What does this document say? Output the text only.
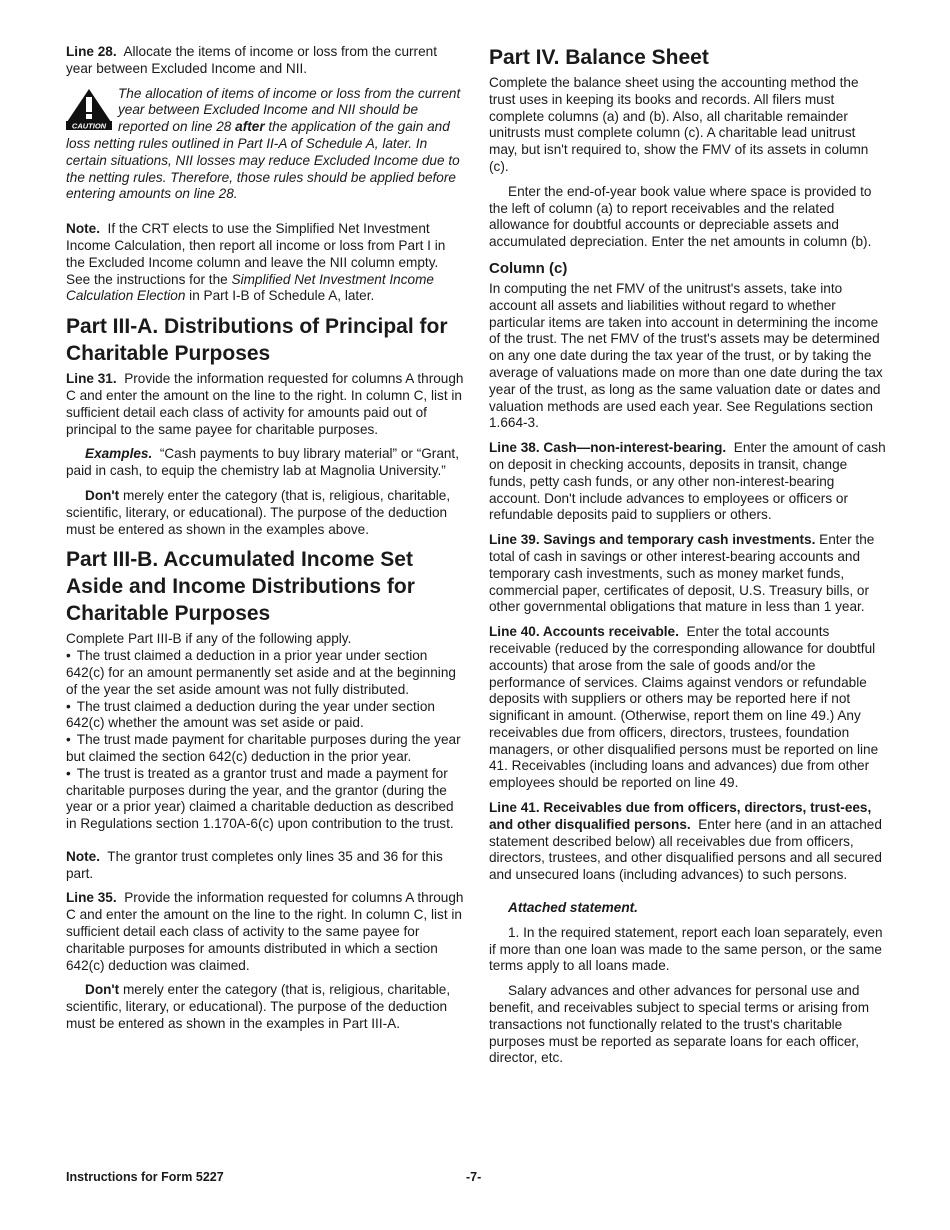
Line 28. Allocate the items of income or loss from the current year between Excluded Income and NII.

CAUTION
The allocation of items of income or loss from the current year between Excluded Income and NII should be reported on line 28 after the application of the gain and loss netting rules outlined in Part II-A of Schedule A, later. In certain situations, NII losses may reduce Excluded Income due to the netting rules. Therefore, those rules should be applied before entering amounts on line 28.

Note. If the CRT elects to use the Simplified Net Investment Income Calculation, then report all income or loss from Part I in the Excluded Income column and leave the NII column empty. See the instructions for the Simplified Net Investment Income Calculation Election in Part I-B of Schedule A, later.

Part III-A. Distributions of Principal for Charitable Purposes

Line 31. Provide the information requested for columns A through C and enter the amount on the line to the right. In column C, list in sufficient detail each class of activity for amounts paid out of principal to the same payee for charitable purposes.

Examples. “Cash payments to buy library material” or “Grant, paid in cash, to equip the chemistry lab at Magnolia University.”

Don't merely enter the category (that is, religious, charitable, scientific, literary, or educational). The purpose of the deduction must be entered as shown in the examples above.

Part III-B. Accumulated Income Set Aside and Income Distributions for Charitable Purposes

Complete Part III-B if any of the following apply.

• The trust claimed a deduction in a prior year under section 642(c) for an amount permanently set aside and at the beginning of the year the set aside amount was not fully distributed.

• The trust claimed a deduction during the year under section 642(c) whether the amount was set aside or paid.

• The trust made payment for charitable purposes during the year but claimed the section 642(c) deduction in the prior year.

• The trust is treated as a grantor trust and made a payment for charitable purposes during the year, and the grantor (during the year or a prior year) claimed a charitable deduction as described in Regulations section 1.170A-6(c) upon contribution to the trust.

Note. The grantor trust completes only lines 35 and 36 for this part.

Line 35. Provide the information requested for columns A through C and enter the amount on the line to the right. In column C, list in sufficient detail each class of activity to the same payee for charitable purposes for amounts distributed in which a section 642(c) deduction was claimed.

Don't merely enter the category (that is, religious, charitable, scientific, literary, or educational). The purpose of the deduction must be entered as shown in the examples in Part III-A.

Part IV. Balance Sheet

Complete the balance sheet using the accounting method the trust uses in keeping its books and records. All filers must complete columns (a) and (b). Also, all charitable remainder unitrusts must complete column (c). A charitable lead unitrust may, but isn't required to, show the FMV of its assets in column (c).

Enter the end-of-year book value where space is provided to the left of column (a) to report receivables and the related allowance for doubtful accounts or depreciable assets and accumulated depreciation. Enter the net amounts in column (b).

Column (c)

In computing the net FMV of the unitrust's assets, take into account all assets and liabilities without regard to whether particular items are taken into account in determining the income of the trust. The net FMV of the trust's assets may be determined on any one date during the tax year of the trust, or by taking the average of valuations made on more than one date during the tax year of the trust, as long as the same valuation date or dates and valuation methods are used each year. See Regulations section 1.664-3.

Line 38. Cash—non-interest-bearing. Enter the amount of cash on deposit in checking accounts, deposits in transit, change funds, petty cash funds, or any other non-interest-bearing account. Don't include advances to employees or officers or refundable deposits paid to suppliers or others.

Line 39. Savings and temporary cash investments. Enter the total of cash in savings or other interest-bearing accounts and temporary cash investments, such as money market funds, commercial paper, certificates of deposit, U.S. Treasury bills, or other governmental obligations that mature in less than 1 year.

Line 40. Accounts receivable. Enter the total accounts receivable (reduced by the corresponding allowance for doubtful accounts) that arose from the sale of goods and/or the performance of services. Claims against vendors or refundable deposits with suppliers or others may be reported here if not significant in amount. (Otherwise, report them on line 49.) Any receivables due from officers, directors, trustees, foundation managers, or other disqualified persons must be reported on line 41. Receivables (including loans and advances) due from other employees should be reported on line 49.

Line 41. Receivables due from officers, directors, trust-ees, and other disqualified persons. Enter here (and in an attached statement described below) all receivables due from officers, directors, trustees, and other disqualified persons and all secured and unsecured loans (including advances) to such persons.

Attached statement.

1. In the required statement, report each loan separately, even if more than one loan was made to the same person, or the same terms apply to all loans made.

Salary advances and other advances for personal use and benefit, and receivables subject to special terms or arising from transactions not functionally related to the trust's charitable purposes must be reported as separate loans for each officer, director, etc.

Instructions for Form 5227	-7-
